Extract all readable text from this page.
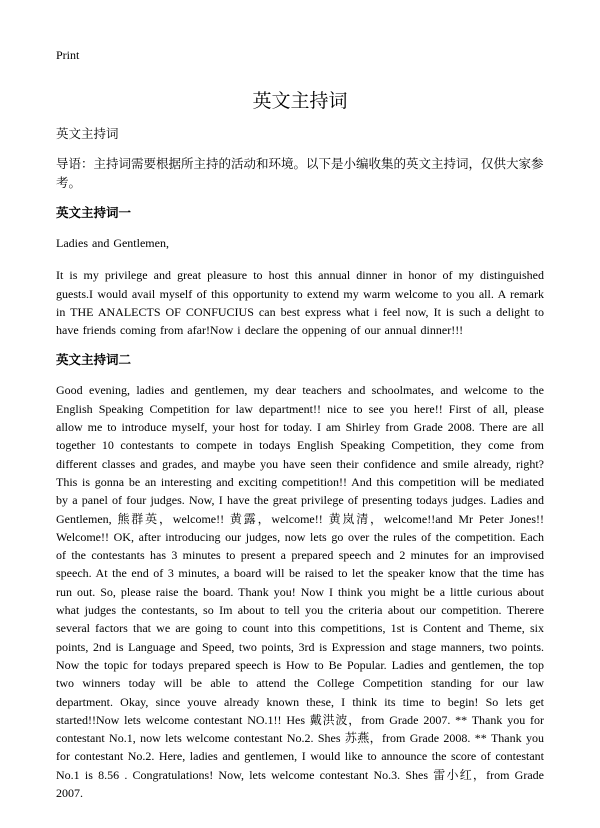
Print

英文主持词

英文主持词

导语：主持词需要根据所主持的活动和环境。以下是小编收集的英文主持词，仅供大家参考。

英文主持词一

Ladies and Gentlemen,

It is my privilege and great pleasure to host this annual dinner in honor of my distinguished guests.I would avail myself of this opportunity to extend my warm welcome to you all. A remark in THE ANALECTS OF CONFUCIUS can best express what i feel now, It is such a delight to have friends coming from afar!Now i declare the oppening of our annual dinner!!!

英文主持词二

Good evening, ladies and gentlemen, my dear teachers and schoolmates, and welcome to the English Speaking Competition for law department!! nice to see you here!! First of all, please allow me to introduce myself, your host for today. I am Shirley from Grade 2008. There are all together 10 contestants to compete in todays English Speaking Competition, they come from different classes and grades, and maybe you have seen their confidence and smile already, right? This is gonna be an interesting and exciting competition!! And this competition will be mediated by a panel of four judges. Now, I have the great privilege of presenting todays judges. Ladies and Gentlemen, 熊群英，welcome!! 黄露，welcome!! 黄岚清，welcome!!and Mr Peter Jones!! Welcome!! OK, after introducing our judges, now lets go over the rules of the competition. Each of the contestants has 3 minutes to present a prepared speech and 2 minutes for an improvised speech. At the end of 3 minutes, a board will be raised to let the speaker know that the time has run out. So, please raise the board. Thank you! Now I think you might be a little curious about what judges the contestants, so Im about to tell you the criteria about our competition. Therere several factors that we are going to count into this competitions, 1st is Content and Theme, six points, 2nd is Language and Speed, two points, 3rd is Expression and stage manners, two points. Now the topic for todays prepared speech is How to Be Popular. Ladies and gentlemen, the top two winners today will be able to attend the College Competition standing for our law department. Okay, since youve already known these, I think its time to begin! So lets get started!!Now lets welcome contestant NO.1!! Hes 戴洪波，from Grade 2007. ** Thank you for contestant No.1, now lets welcome contestant No.2. Shes 苏燕，from Grade 2008. ** Thank you for contestant No.2. Here, ladies and gentlemen, I would like to announce the score of contestant No.1 is 8.56 . Congratulations! Now, lets welcome contestant No.3. Shes 雷小红，from Grade 2007.
